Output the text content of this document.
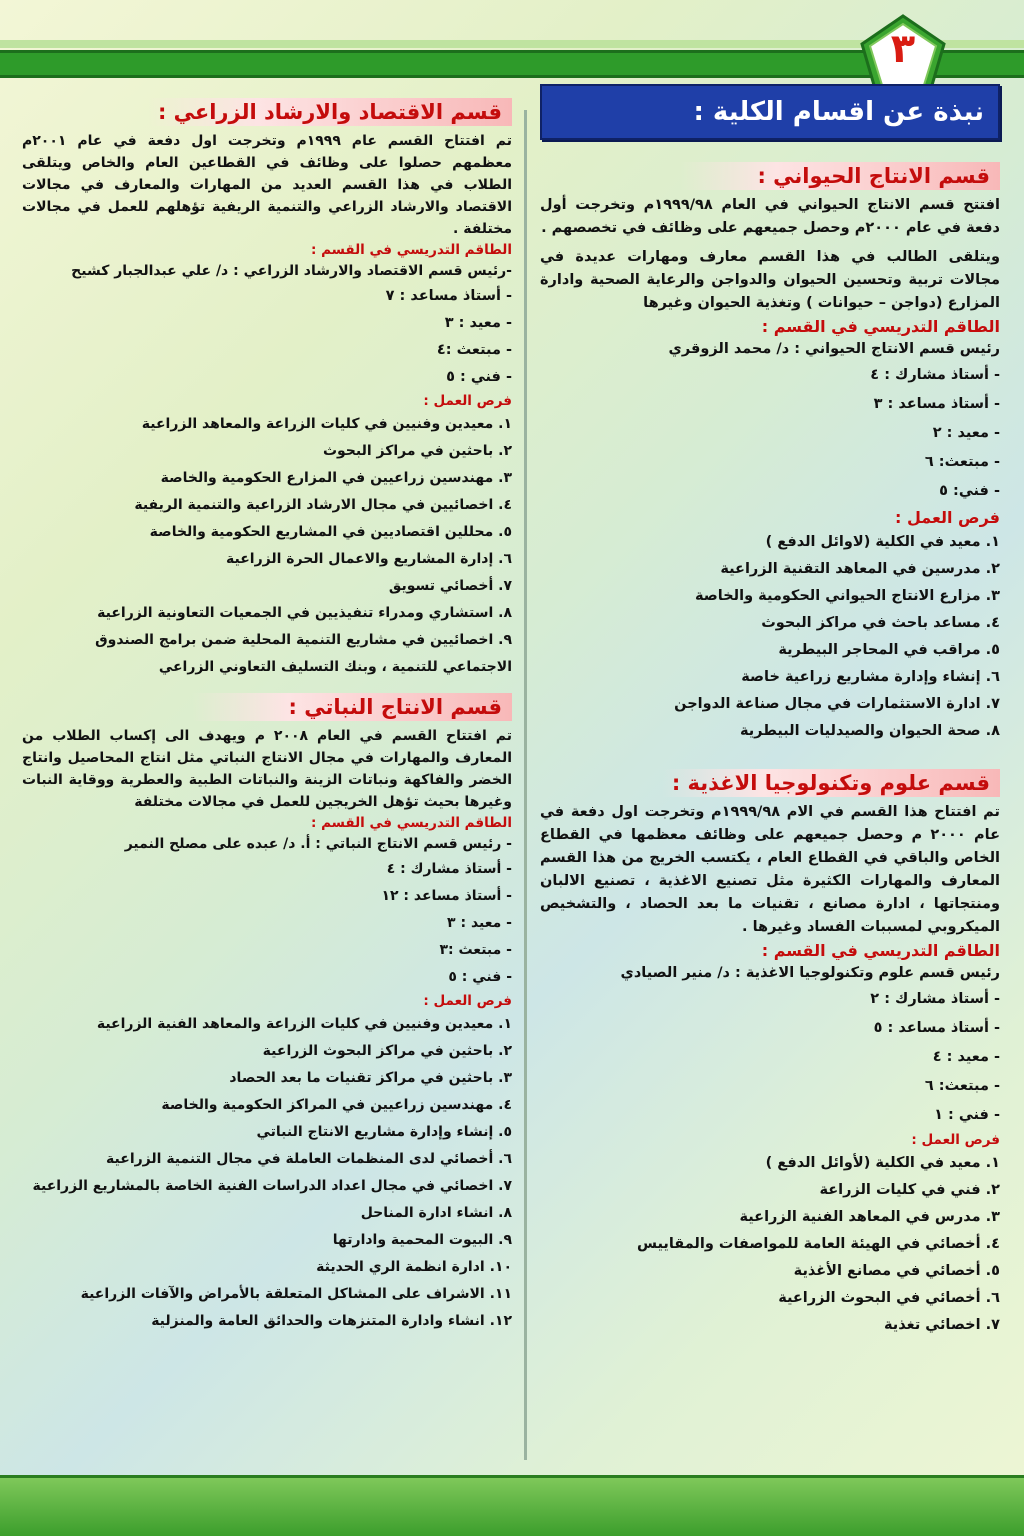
٣
نبذة عن اقسام الكلية :
قسم الانتاج الحيواني :

افتتح قسم الانتاج الحيواني في العام ١٩٩٩/٩٨م وتخرجت أول دفعة في عام ٢٠٠٠م وحصل جميعهم على وظائف في تخصصهم .

ويتلقى الطالب في هذا القسم معارف ومهارات عديدة في مجالات تربية وتحسين الحيوان والدواجن والرعاية الصحية وادارة المزارع (دواجن – حيوانات ) وتغذية الحيوان وغيرها

الطاقم التدريسي في القسم :
رئيس قسم الانتاج الحيواني : د/ محمد الزوقري
- أستاذ مشارك : ٤
- أستاذ مساعد : ٣
- معيد : ٢
- مبتعث: ٦
- فني: ٥
فرص العمل :
١. معيد في الكلية (لاوائل الدفع )
٢. مدرسين في المعاهد التقنية الزراعية
٣. مزارع الانتاج الحيواني الحكومية والخاصة
٤. مساعد باحث في مراكز البحوث
٥. مراقب في المحاجر البيطرية
٦. إنشاء وإدارة مشاريع زراعية خاصة
٧. ادارة الاستثمارات في مجال صناعة الدواجن
٨. صحة الحيوان والصيدليات البيطرية
قسم علوم وتكنولوجيا الاغذية :

تم افتتاح هذا القسم في الام ١٩٩٩/٩٨م وتخرجت اول دفعة في عام ٢٠٠٠ م وحصل جميعهم على وظائف معظمها في القطاع الخاص والباقي في القطاع العام ، يكتسب الخريج من هذا القسم المعارف والمهارات الكثيرة مثل تصنيع الاغذية ، تصنيع الالبان ومنتجاتها ، ادارة مصانع ، تقنيات ما بعد الحصاد ، والتشخيص الميكروبي لمسببات الفساد وغيرها .

الطاقم التدريسي في القسم :
رئيس قسم علوم وتكنولوجيا الاغذية : د/ منير الصيادي
- أستاذ مشارك : ٢
- أستاذ مساعد : ٥
- معيد : ٤
- مبتعث: ٦
- فني : ١
فرص العمل :
١. معيد في الكلية (لأوائل الدفع )
٢. فني في كليات الزراعة
٣. مدرس في المعاهد الفنية الزراعية
٤. أخصائي في الهيئة العامة للمواصفات والمقاييس
٥. أخصائي في مصانع الأغذية
٦. أخصائي في البحوث الزراعية
٧. اخصائي تغذية
قسم الاقتصاد والارشاد الزراعي :

تم افتتاح القسم عام ١٩٩٩م وتخرجت اول دفعة في عام ٢٠٠١م معظمهم حصلوا على وظائف في القطاعين العام والخاص ويتلقى الطلاب في هذا القسم العديد من المهارات والمعارف في مجالات الاقتصاد والارشاد الزراعي والتنمية الريفية تؤهلهم للعمل في مجالات مختلفة .

الطاقم التدريسي في القسم :
-رئيس قسم الاقتصاد والارشاد الزراعي : د/ علي عبدالجبار كشيح
- أستاذ مساعد : ٧
- معيد : ٣
- مبتعث :٤
- فني : ٥
فرص العمل :
١. معيدين وفنيين في كليات الزراعة والمعاهد الزراعية
٢. باحثين في مراكز البحوث
٣. مهندسين زراعيين في المزارع الحكومية والخاصة
٤. اخصائيين في مجال الارشاد الزراعية والتنمية الريفية
٥. محللين اقتصاديين في المشاريع الحكومية والخاصة
٦. إدارة المشاريع والاعمال الحرة الزراعية
٧. أخصائي تسويق
٨. استشاري ومدراء تنفيذيين في الجمعيات التعاونية الزراعية
٩. اخصائيين في مشاريع التنمية المحلية ضمن برامج الصندوق الاجتماعي للتنمية ، وبنك التسليف التعاوني الزراعي
قسم الانتاج النباتي :

تم افتتاح القسم في العام ٢٠٠٨ م ويهدف الى إكساب الطلاب من المعارف والمهارات في مجال الانتاج النباتي مثل انتاج المحاصيل وانتاج الخضر والفاكهة ونباتات الزينة والنباتات الطبية والعطرية ووقاية النبات وغيرها بحيث تؤهل الخريجين للعمل في مجالات مختلفة

الطاقم التدريسي في القسم :
- رئيس قسم الانتاج النباتي : أ. د/ عبده على مصلح النمير
- أستاذ مشارك : ٤
- أستاذ مساعد : ١٢
- معيد : ٣
- مبتعث :٣
- فني : ٥
فرص العمل :
١. معيدين وفنيين في كليات الزراعة والمعاهد الفنية الزراعية
٢. باحثين في مراكز البحوث الزراعية
٣. باحثين في مراكز تقنيات ما بعد الحصاد
٤. مهندسين زراعيين في المراكز الحكومية والخاصة
٥. إنشاء وإدارة مشاريع الانتاج النباتي
٦. أخصائي لدى المنظمات العاملة في مجال التنمية الزراعية
٧. اخصائي في مجال اعداد الدراسات الفنية الخاصة بالمشاريع الزراعية
٨. انشاء ادارة المناحل
٩. البيوت المحمية وادارتها
١٠. ادارة انظمة الري الحديثة
١١. الاشراف على المشاكل المتعلقة بالأمراض والآفات الزراعية
١٢. انشاء وادارة المتنزهات والحدائق العامة والمنزلية
